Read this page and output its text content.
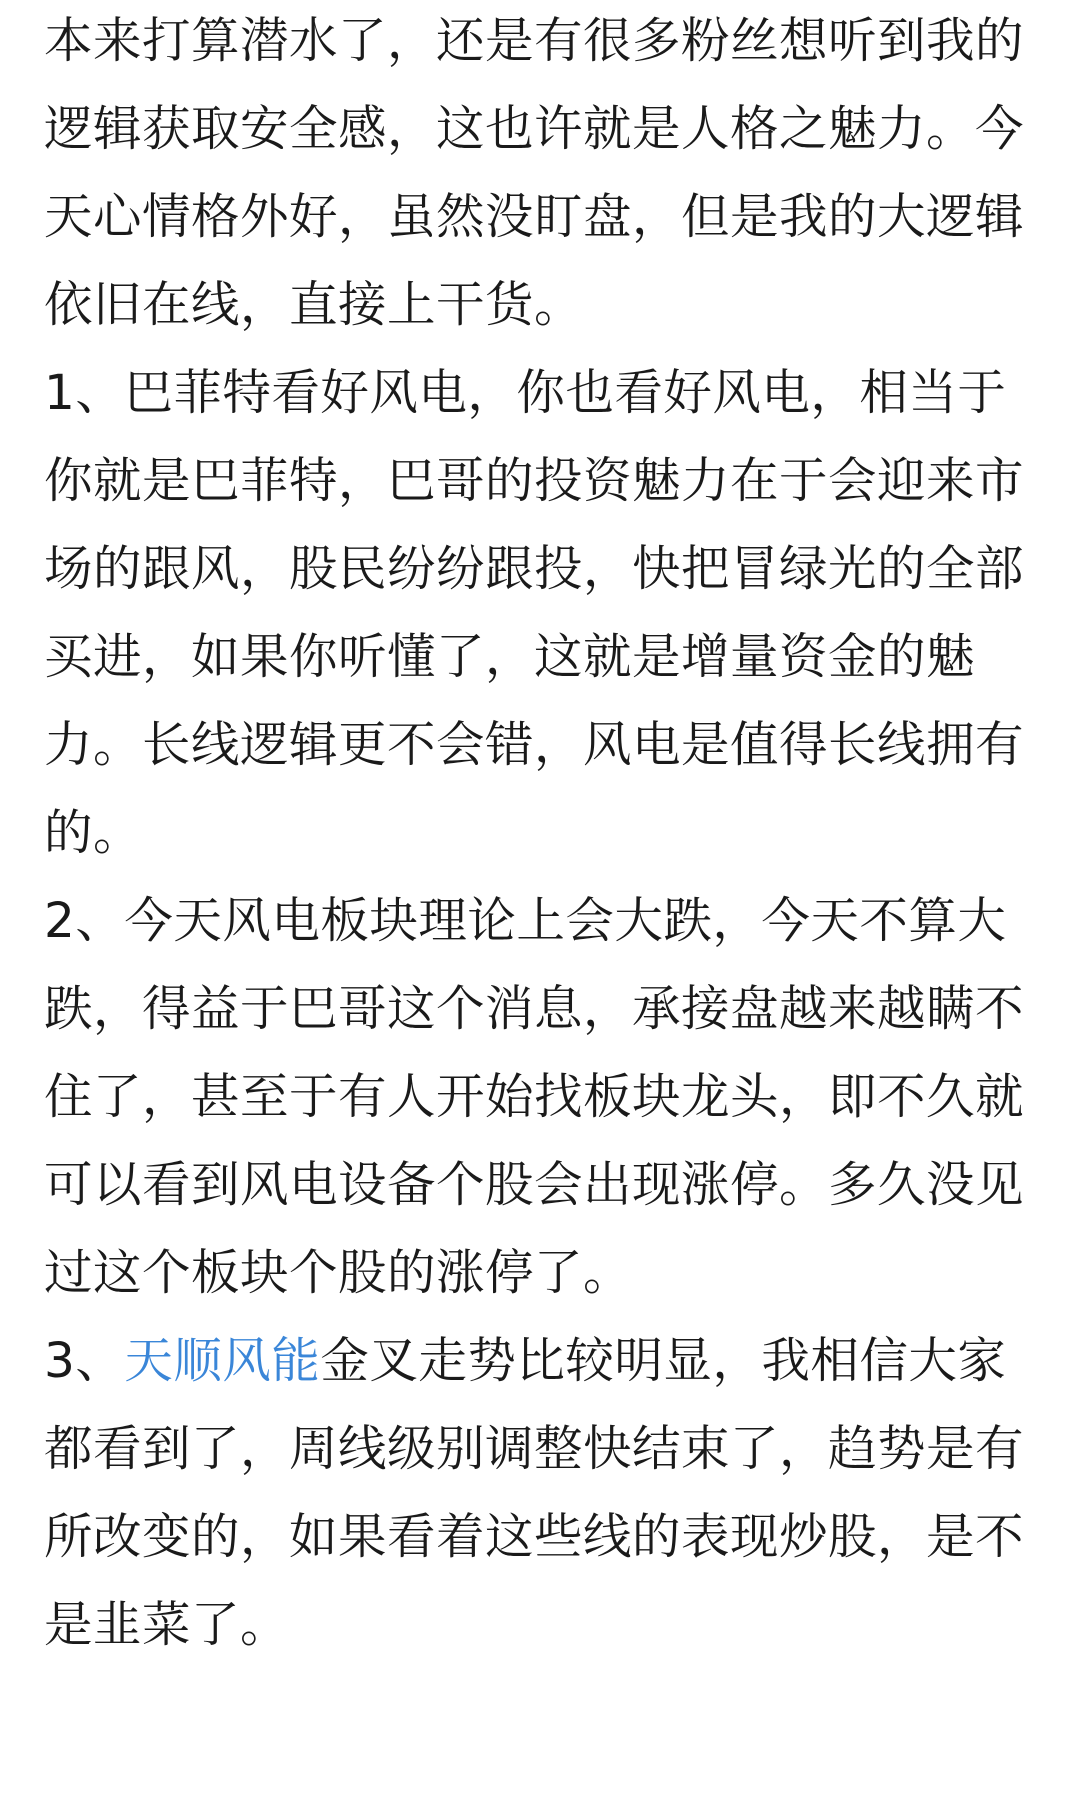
本来打算潜水了，还是有很多粉丝想听到我的逻辑获取安全感，这也许就是人格之魅力。今天心情格外好，虽然没盯盘，但是我的大逻辑依旧在线，直接上干货。

1、巴菲特看好风电，你也看好风电，相当于你就是巴菲特，巴哥的投资魅力在于会迎来市场的跟风，股民纷纷跟投，快把冒绿光的全部买进，如果你听懂了，这就是增量资金的魅力。长线逻辑更不会错，风电是值得长线拥有的。

2、今天风电板块理论上会大跌，今天不算大跌，得益于巴哥这个消息，承接盘越来越瞒不住了，甚至于有人开始找板块龙头，即不久就可以看到风电设备个股会出现涨停。多久没见过这个板块个股的涨停了。

3、天顺风能金叉走势比较明显，我相信大家都看到了，周线级别调整快结束了，趋势是有所改变的，如果看着这些线的表现炒股，是不是韭菜了。
